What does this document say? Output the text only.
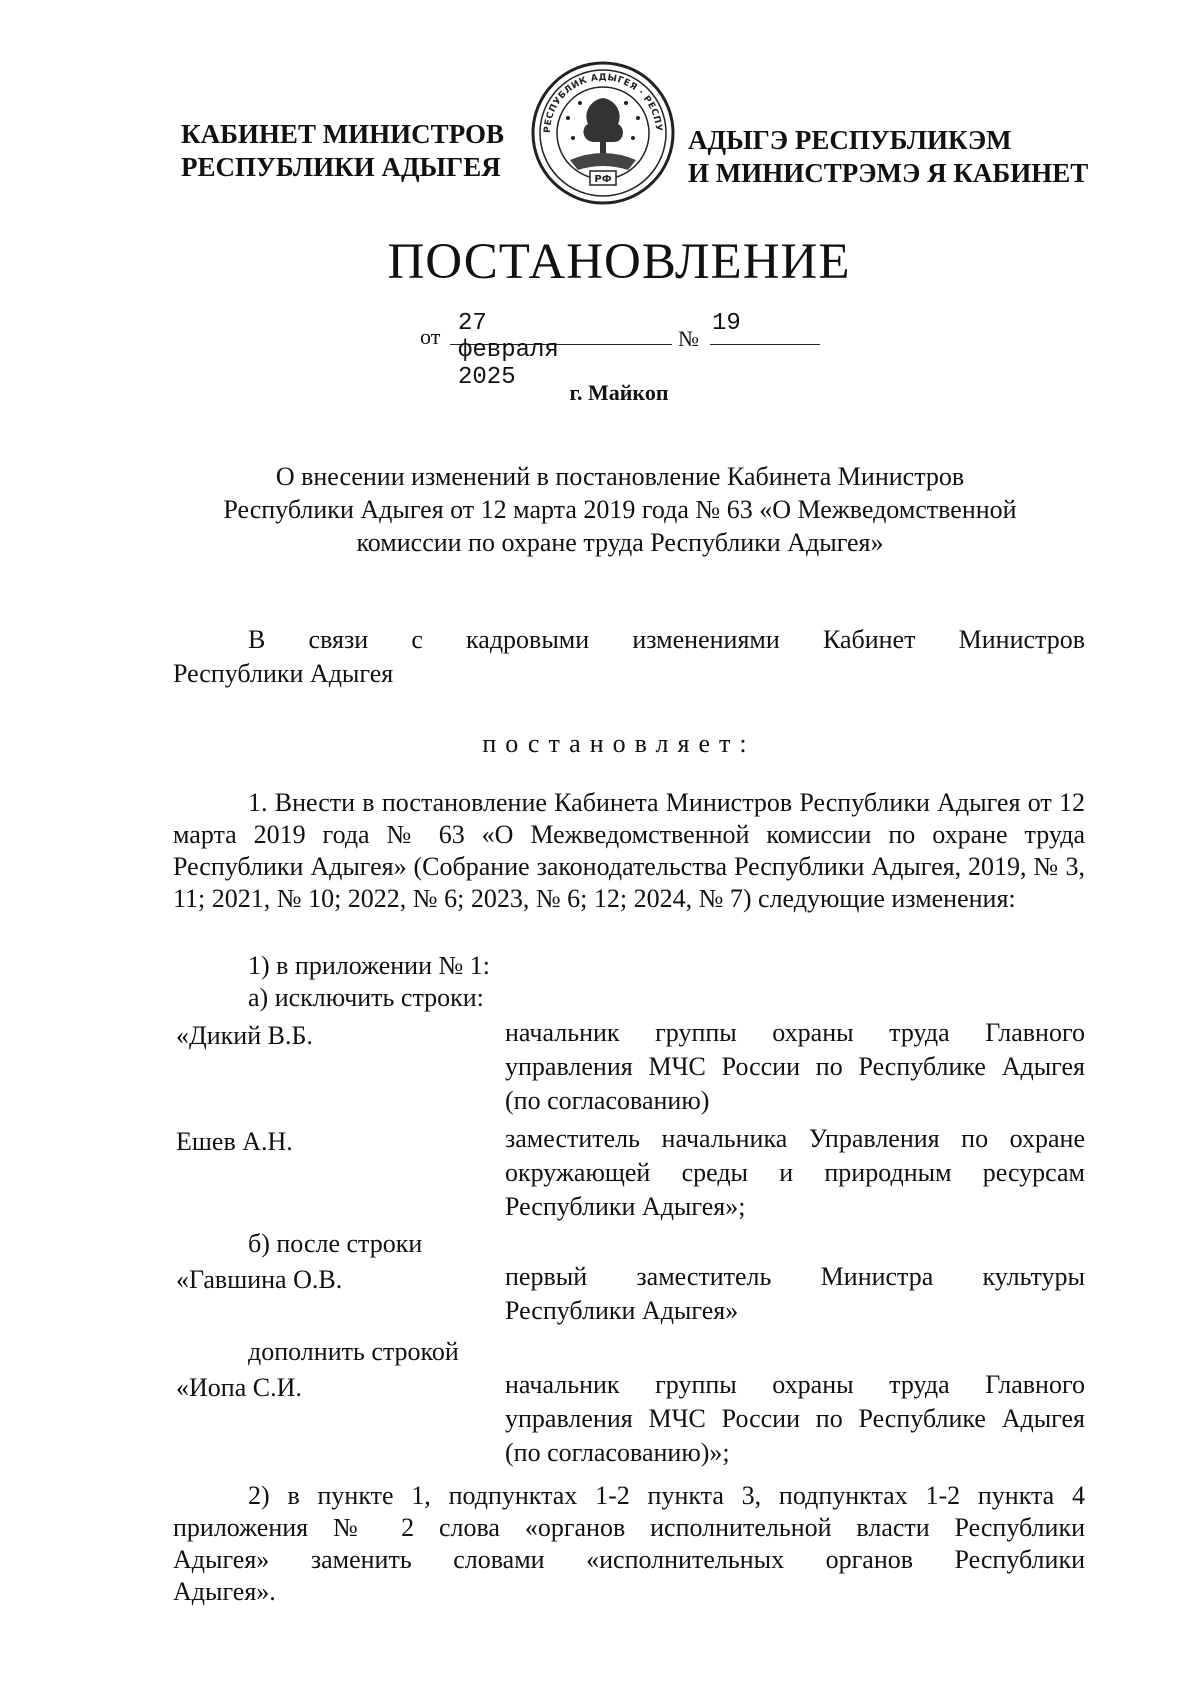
КАБИНЕТ МИНИСТРОВ
РЕСПУБЛИКИ АДЫГЕЯ
РЕСПУБЛИК АДЫГЕЯ · РЕСПУ
РФ
АДЫГЭ РЕСПУБЛИКЭМ
И МИНИСТРЭМЭ Я КАБИНЕТ
ПОСТАНОВЛЕНИЕ
от 27 февраля 2025
№
19
г. Майкоп
О внесении изменений в постановление Кабинета Министров
Республики Адыгея от 12 марта 2019 года № 63 «О Межведомственной
комиссии по охране труда Республики Адыгея»
В связи с кадровыми изменениями Кабинет Министров
Республики Адыгея
постановляет:
1. Внести в постановление Кабинета Министров Республики Адыгея от 12 марта 2019 года № 63 «О Межведомственной комиссии по охране труда Республики Адыгея» (Собрание законодательства Республики Адыгея, 2019, № 3, 11; 2021, № 10; 2022, № 6; 2023, № 6; 12; 2024, № 7) следующие изменения:
1) в приложении № 1:
а) исключить строки:
«Дикий В.Б.	начальник группы охраны труда Главного
управления МЧС России по Республике Адыгея
(по согласованию)
Ешев А.Н.	заместитель начальника Управления по охране
окружающей среды и природным ресурсам
Республики Адыгея»;
б) после строки
«Гавшина О.В.	первый заместитель Министра культуры
Республики Адыгея»
дополнить строкой
«Иопа С.И.	начальник группы охраны труда Главного
управления МЧС России по Республике Адыгея
(по согласованию)»;
2) в пункте 1, подпунктах 1-2 пункта 3, подпунктах 1-2 пункта 4
приложения № 2 слова «органов исполнительной власти Республики
Адыгея» заменить словами «исполнительных органов Республики
Адыгея».
